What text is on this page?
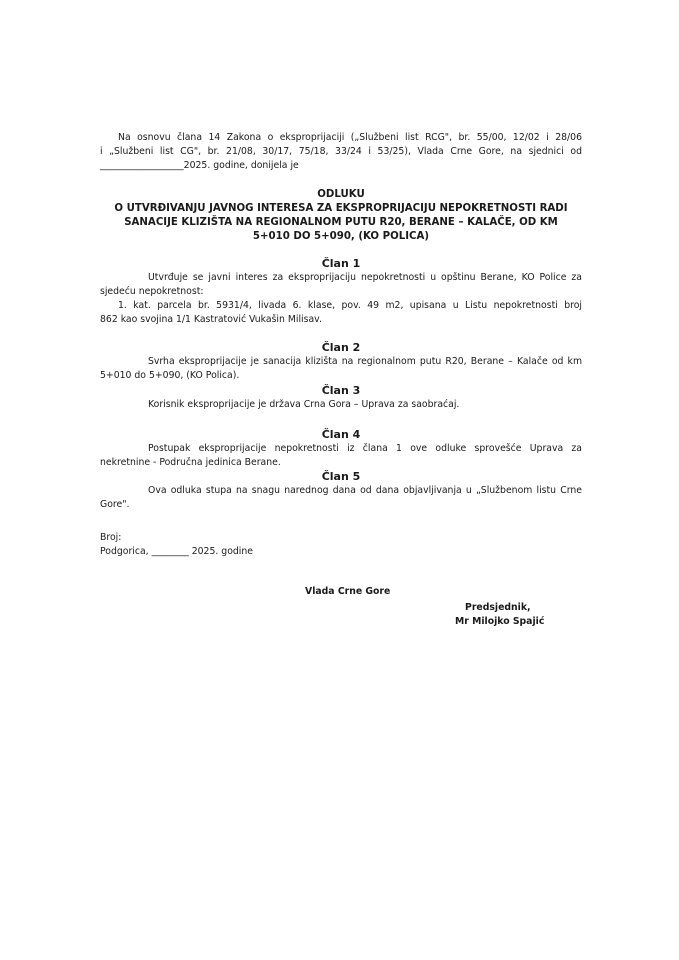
Na osnovu člana 14 Zakona o eksproprijaciji („Službeni list RCG", br. 55/00, 12/02 i 28/06
i „Službeni list CG", br. 21/08, 30/17, 75/18, 33/24 i 53/25), Vlada Crne Gore, na sjednici od
__________________2025. godine, donijela je
ODLUKU
O UTVRĐIVANJU JAVNOG INTERESA ZA EKSPROPRIJACIJU NEPOKRETNOSTI RADI
SANACIJE KLIZIŠTA NA REGIONALNOM PUTU R20, BERANE – KALAČE, OD KM
5+010 DO 5+090, (KO POLICA)
Član 1
Utvrđuje se javni interes za eksproprijaciju nepokretnosti u opštinu Berane, KO Police za
sjedeću nepokretnost:
1. kat. parcela br. 5931/4, livada 6. klase, pov. 49 m2, upisana u Listu nepokretnosti broj
862 kao svojina 1/1 Kastratović Vukašin Milisav.
Član 2
Svrha eksproprijacije je sanacija klizišta na regionalnom putu R20, Berane – Kalače od km
5+010 do 5+090, (KO Polica).
Član 3
Korisnik eksproprijacije je država Crna Gora – Uprava za saobraćaj.
Član 4
Postupak eksproprijacije nepokretnosti iz člana 1 ove odluke sprovešće Uprava za
nekretnine - Područna jedinica Berane.
Član 5
Ova odluka stupa na snagu narednog dana od dana objavljivanja u „Službenom listu Crne
Gore".
Broj:
Podgorica, ________ 2025. godine
Vlada Crne Gore
Predsjednik,
Mr Milojko Spajić
